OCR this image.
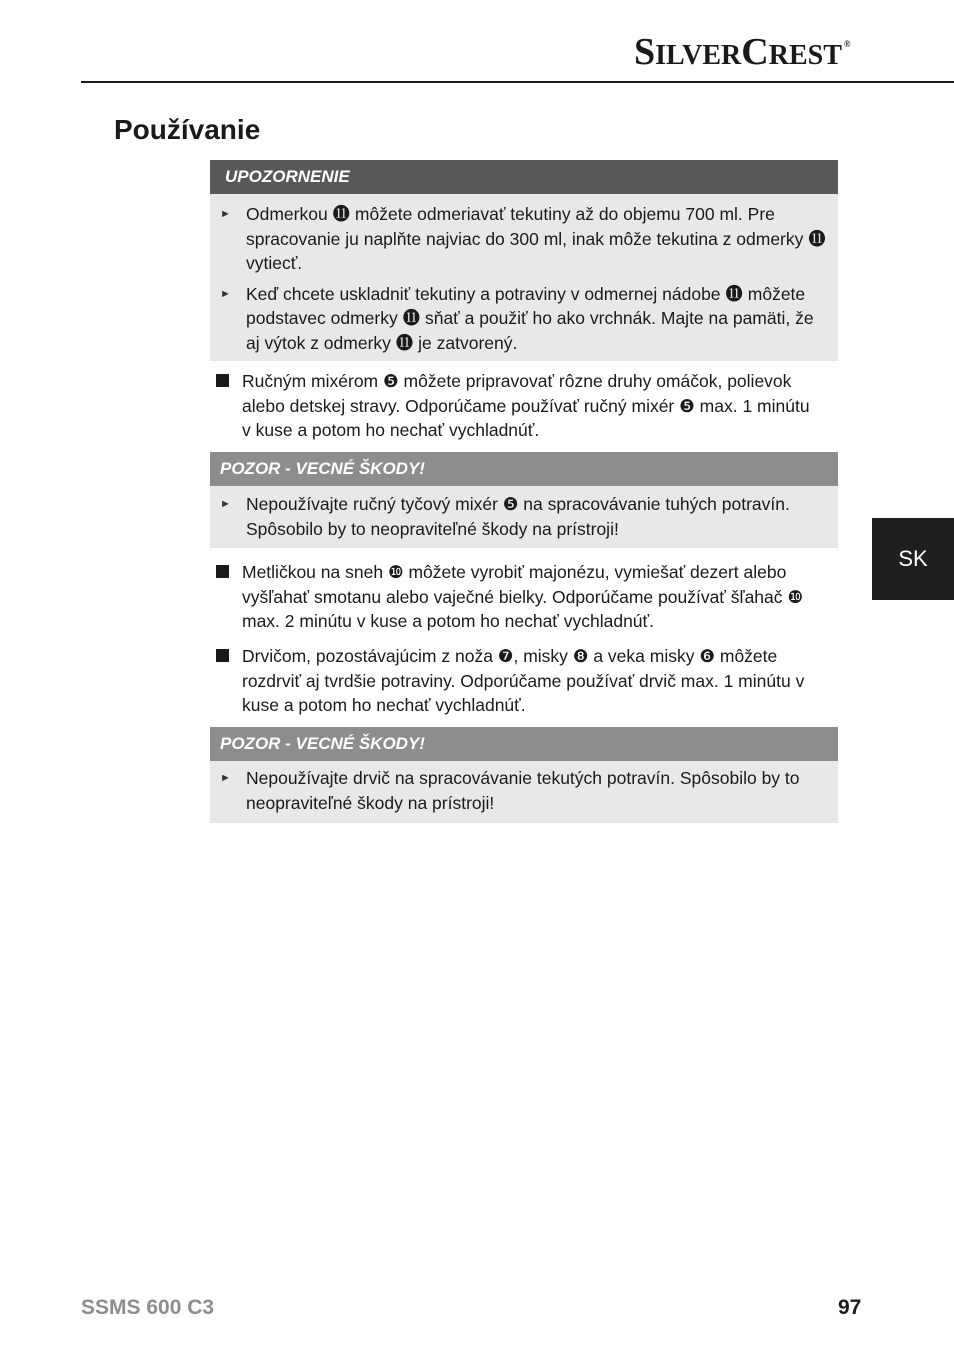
SILVERCREST ®
Používanie
UPOZORNENIE
► Odmerkou ⓫ môžete odmeriavať tekutiny až do objemu 700 ml. Pre spracovanie ju naplňte najviac do 300 ml, inak môže tekutina z odmerky ⓫ vytiecť.
► Keď chcete uskladniť tekutiny a potraviny v odmernej nádobe ⓫ môžete podstavec odmerky ⓫ sňať a použiť ho ako vrchnák. Majte na pamäti, že aj výtok z odmerky ⓫ je zatvorený.
Ručným mixérom ❺ môžete pripravovať rôzne druhy omáčok, polievok alebo detskej stravy. Odporúčame používať ručný mixér ❺ max. 1 minútu v kuse a potom ho nechať vychladnúť.
POZOR - VECNÉ ŠKODY!
► Nepoužívajte ručný tyčový mixér ❺ na spracovávanie tuhých potravín. Spôsobilo by to neopraviteľné škody na prístroji!
Metličkou na sneh ❿ môžete vyrobiť majonézu, vymiešať dezert alebo vyšľahať smotanu alebo vaječné bielky. Odporúčame používať šľahač ❿ max. 2 minútu v kuse a potom ho nechať vychladnúť.
Drvičom, pozostávajúcim z noža ❼, misky ❽ a veka misky ❻ môžete rozdrviť aj tvrdšie potraviny. Odporúčame používať drvič max. 1 minútu v kuse a potom ho nechať vychladnúť.
POZOR - VECNÉ ŠKODY!
► Nepoužívajte drvič na spracovávanie tekutých potravín. Spôsobilo by to neopraviteľné škody na prístroji!
SK
SSMS 600 C3	97
